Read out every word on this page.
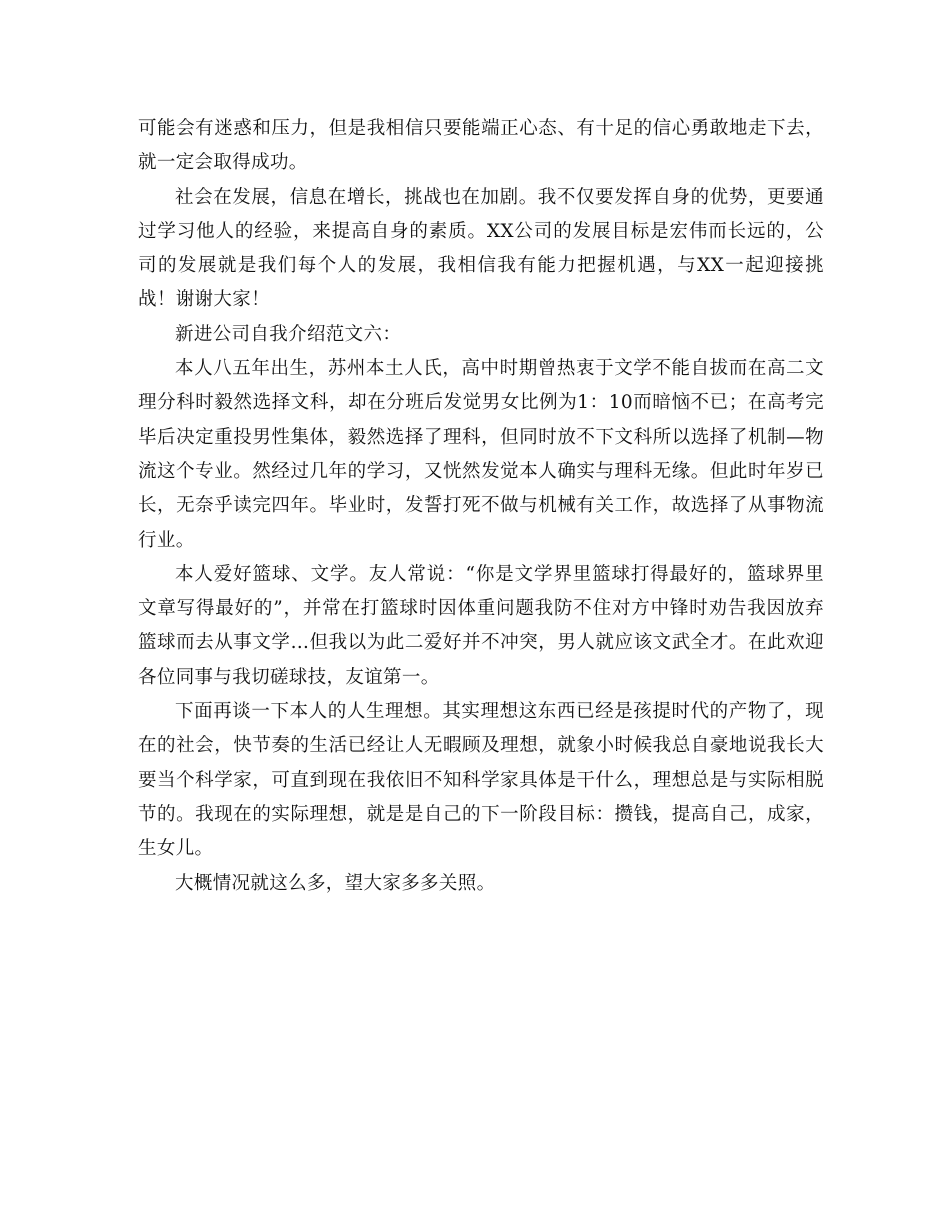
可能会有迷惑和压力，但是我相信只要能端正心态、有十足的信心勇敢地走下去，就一定会取得成功。

社会在发展，信息在增长，挑战也在加剧。我不仅要发挥自身的优势，更要通过学习他人的经验，来提高自身的素质。XX公司的发展目标是宏伟而长远的，公司的发展就是我们每个人的发展，我相信我有能力把握机遇，与XX一起迎接挑战！谢谢大家！

新进公司自我介绍范文六：

本人八五年出生，苏州本土人氏，高中时期曾热衷于文学不能自拔而在高二文理分科时毅然选择文科，却在分班后发觉男女比例为1：10而暗恼不已；在高考完毕后决定重投男性集体，毅然选择了理科，但同时放不下文科所以选择了机制—物流这个专业。然经过几年的学习，又恍然发觉本人确实与理科无缘。但此时年岁已长，无奈乎读完四年。毕业时，发誓打死不做与机械有关工作，故选择了从事物流行业。

本人爱好篮球、文学。友人常说：“你是文学界里篮球打得最好的，篮球界里文章写得最好的”，并常在打篮球时因体重问题我防不住对方中锋时劝告我因放弃篮球而去从事文学…但我以为此二爱好并不冲突，男人就应该文武全才。在此欢迎各位同事与我切磋球技，友谊第一。

下面再谈一下本人的人生理想。其实理想这东西已经是孩提时代的产物了，现在的社会，快节奏的生活已经让人无暇顾及理想，就象小时候我总自豪地说我长大要当个科学家，可直到现在我依旧不知科学家具体是干什么，理想总是与实际相脱节的。我现在的实际理想，就是是自己的下一阶段目标：攒钱，提高自己，成家，生女儿。

大概情况就这么多，望大家多多关照。
